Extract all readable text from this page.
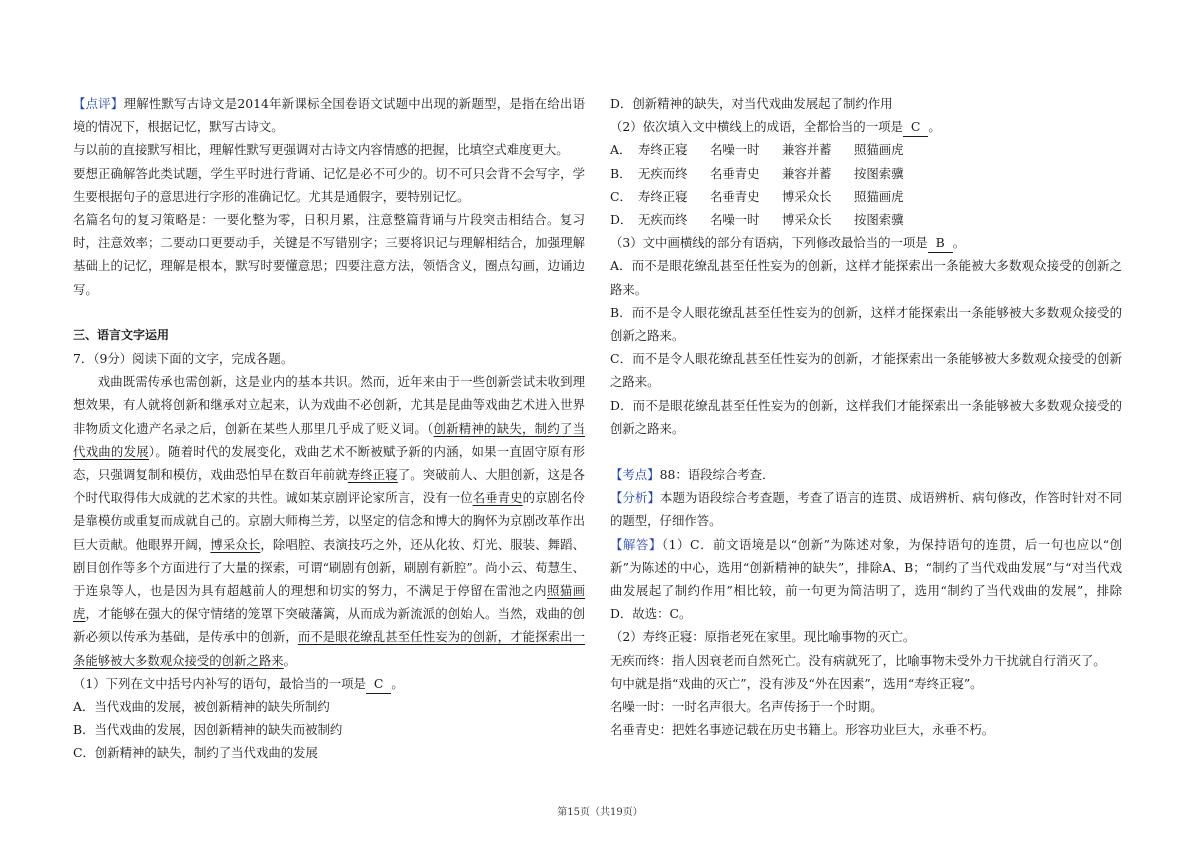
【点评】理解性默写古诗文是2014年新课标全国卷语文试题中出现的新题型，是指在给出语境的情况下，根据记忆，默写古诗文。

与以前的直接默写相比，理解性默写更强调对古诗文内容情感的把握，比填空式难度更大。

要想正确解答此类试题，学生平时进行背诵、记忆是必不可少的。切不可只会背不会写字，学生要根据句子的意思进行字形的准确记忆。尤其是通假字，要特别记忆。

名篇名句的复习策略是：一要化整为零，日积月累，注意整篇背诵与片段突击相结合。复习时，注意效率；二要动口更要动手，关键是不写错别字；三要将识记与理解相结合，加强理解基础上的记忆，理解是根本，默写时要懂意思；四要注意方法，领悟含义，圈点勾画，边诵边写。

三、语言文字运用

7．（9分）阅读下面的文字，完成各题。

戏曲既需传承也需创新，这是业内的基本共识。然而，近年来由于一些创新尝试未收到理想效果，有人就将创新和继承对立起来，认为戏曲不必创新，尤其是昆曲等戏曲艺术进入世界非物质文化遗产名录之后，创新在某些人那里几乎成了贬义词。（创新精神的缺失，制约了当代戏曲的发展）。随着时代的发展变化，戏曲艺术不断被赋予新的内涵，如果一直固守原有形态，只强调复制和模仿，戏曲恐怕早在数百年前就寿终正寝了。突破前人、大胆创新，这是各个时代取得伟大成就的艺术家的共性。诚如某京剧评论家所言，没有一位名垂青史的京剧名伶是靠模仿或重复而成就自己的。京剧大师梅兰芳，以坚定的信念和博大的胸怀为京剧改革作出巨大贡献。他眼界开阔，博采众长，除唱腔、表演技巧之外，还从化妆、灯光、服装、舞蹈、剧目创作等多个方面进行了大量的探索，可谓“刷剧有创新，刷剧有新腔”。尚小云、荀慧生、于连泉等人，也是因为具有超越前人的理想和切实的努力，不满足于停留在雷池之内照猫画虎，才能够在强大的保守情绪的笼罩下突破藩篱，从而成为新流派的创始人。当然，戏曲的创新必须以传承为基础，是传承中的创新，而不是眼花缭乱甚至任性妄为的创新，才能探索出一条能够被大多数观众接受的创新之路来。

（1）下列在文中括号内补写的语句，最恰当的一项是 C 。

A．当代戏曲的发展，被创新精神的缺失所制约

B．当代戏曲的发展，因创新精神的缺失而被制约

C．创新精神的缺失，制约了当代戏曲的发展

D．创新精神的缺失，对当代戏曲发展起了制约作用

（2）依次填入文中横线上的成语，全都恰当的一项是 C 。

A． 寿终正寝	名噪一时	兼容并蓄	照猫画虎
B． 无疾而终	名垂青史	兼容并蓄	按图索骥
C． 寿终正寝	名垂青史	博采众长	照猫画虎
D． 无疾而终	名噪一时	博采众长	按图索骥

（3）文中画横线的部分有语病，下列修改最恰当的一项是 B 。

A．而不是眼花缭乱甚至任性妄为的创新，这样才能探索出一条能被大多数观众接受的创新之路来。

B．而不是令人眼花缭乱甚至任性妄为的创新，这样才能探索出一条能够被大多数观众接受的创新之路来。

C．而不是令人眼花缭乱甚至任性妄为的创新，才能探索出一条能够被大多数观众接受的创新之路来。

D．而不是眼花缭乱甚至任性妄为的创新，这样我们才能探索出一条能够被大多数观众接受的创新之路来。

【考点】88：语段综合考查．

【分析】本题为语段综合考查题，考查了语言的连贯、成语辨析、病句修改，作答时针对不同的题型，仔细作答。

【解答】（1）C．前文语境是以“创新”为陈述对象，为保持语句的连贯，后一句也应以“创新”为陈述的中心，选用“创新精神的缺失”，排除A、B；“制约了当代戏曲发展”与“对当代戏曲发展起了制约作用”相比较，前一句更为简洁明了，选用“制约了当代戏曲的发展”，排除D．故选：C。

（2）寿终正寝：原指老死在家里。现比喻事物的灭亡。

无疾而终：指人因衰老而自然死亡。没有病就死了，比喻事物未受外力干扰就自行消灭了。

句中就是指“戏曲的灭亡”，没有涉及“外在因素”，选用“寿终正寝”。

名噪一时：一时名声很大。名声传扬于一个时期。

名垂青史：把姓名事迹记载在历史书籍上。形容功业巨大，永垂不朽。

第15页（共19页）
